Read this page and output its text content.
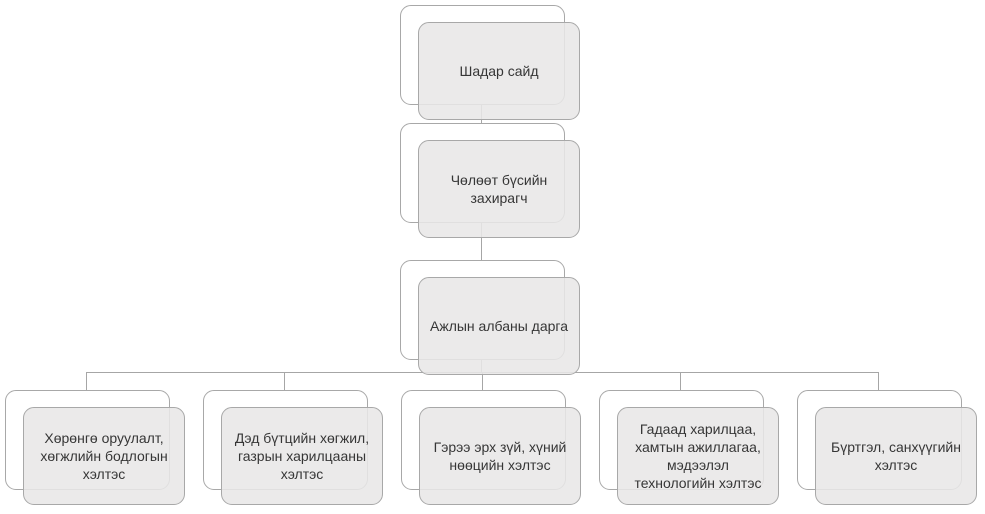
Шадар сайд
Чөлөөт бүсийн захирагч
Ажлын албаны дарга
Хөрөнгө оруулалт, хөгжлийн бодлогын хэлтэс
Дэд бүтцийн хөгжил, газрын харилцааны хэлтэс
Гэрээ эрх зүй, хүний нөөцийн хэлтэс
Гадаад харилцаа, хамтын ажиллагаа, мэдээлэл технологийн хэлтэс
Бүртгэл, санхүүгийн хэлтэс
